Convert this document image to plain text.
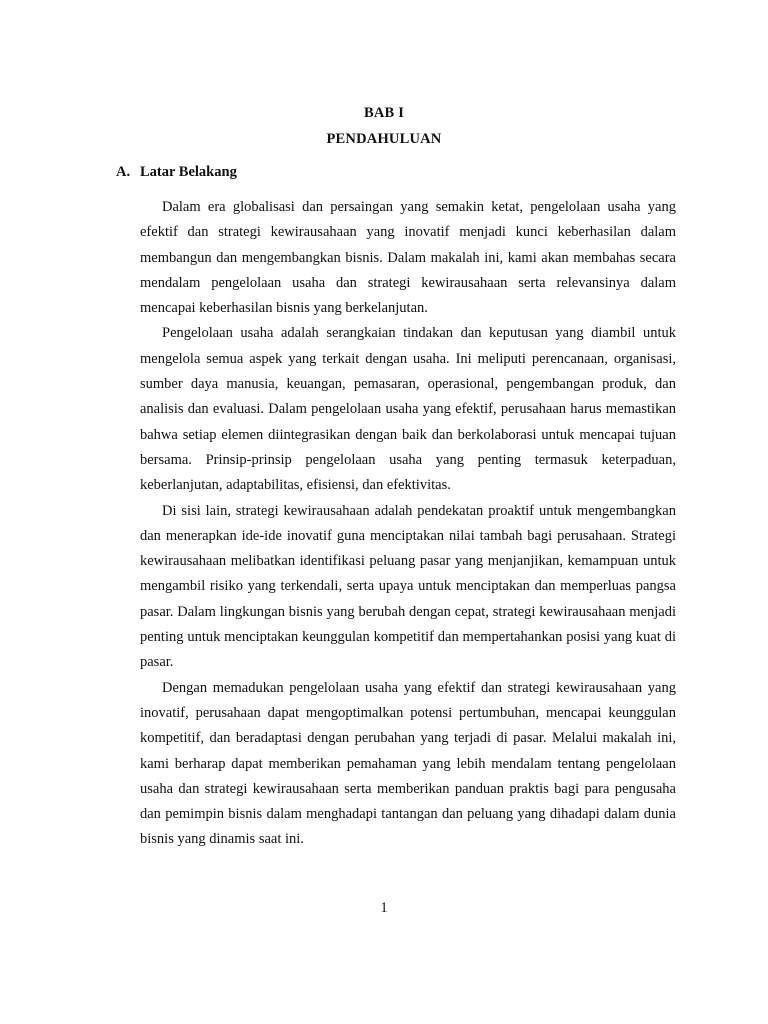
BAB I
PENDAHULUAN
A. Latar Belakang

Dalam era globalisasi dan persaingan yang semakin ketat, pengelolaan usaha yang efektif dan strategi kewirausahaan yang inovatif menjadi kunci keberhasilan dalam membangun dan mengembangkan bisnis. Dalam makalah ini, kami akan membahas secara mendalam pengelolaan usaha dan strategi kewirausahaan serta relevansinya dalam mencapai keberhasilan bisnis yang berkelanjutan.

Pengelolaan usaha adalah serangkaian tindakan dan keputusan yang diambil untuk mengelola semua aspek yang terkait dengan usaha. Ini meliputi perencanaan, organisasi, sumber daya manusia, keuangan, pemasaran, operasional, pengembangan produk, dan analisis dan evaluasi. Dalam pengelolaan usaha yang efektif, perusahaan harus memastikan bahwa setiap elemen diintegrasikan dengan baik dan berkolaborasi untuk mencapai tujuan bersama. Prinsip-prinsip pengelolaan usaha yang penting termasuk keterpaduan, keberlanjutan, adaptabilitas, efisiensi, dan efektivitas.

Di sisi lain, strategi kewirausahaan adalah pendekatan proaktif untuk mengembangkan dan menerapkan ide-ide inovatif guna menciptakan nilai tambah bagi perusahaan. Strategi kewirausahaan melibatkan identifikasi peluang pasar yang menjanjikan, kemampuan untuk mengambil risiko yang terkendali, serta upaya untuk menciptakan dan memperluas pangsa pasar. Dalam lingkungan bisnis yang berubah dengan cepat, strategi kewirausahaan menjadi penting untuk menciptakan keunggulan kompetitif dan mempertahankan posisi yang kuat di pasar.

Dengan memadukan pengelolaan usaha yang efektif dan strategi kewirausahaan yang inovatif, perusahaan dapat mengoptimalkan potensi pertumbuhan, mencapai keunggulan kompetitif, dan beradaptasi dengan perubahan yang terjadi di pasar. Melalui makalah ini, kami berharap dapat memberikan pemahaman yang lebih mendalam tentang pengelolaan usaha dan strategi kewirausahaan serta memberikan panduan praktis bagi para pengusaha dan pemimpin bisnis dalam menghadapi tantangan dan peluang yang dihadapi dalam dunia bisnis yang dinamis saat ini.

1
